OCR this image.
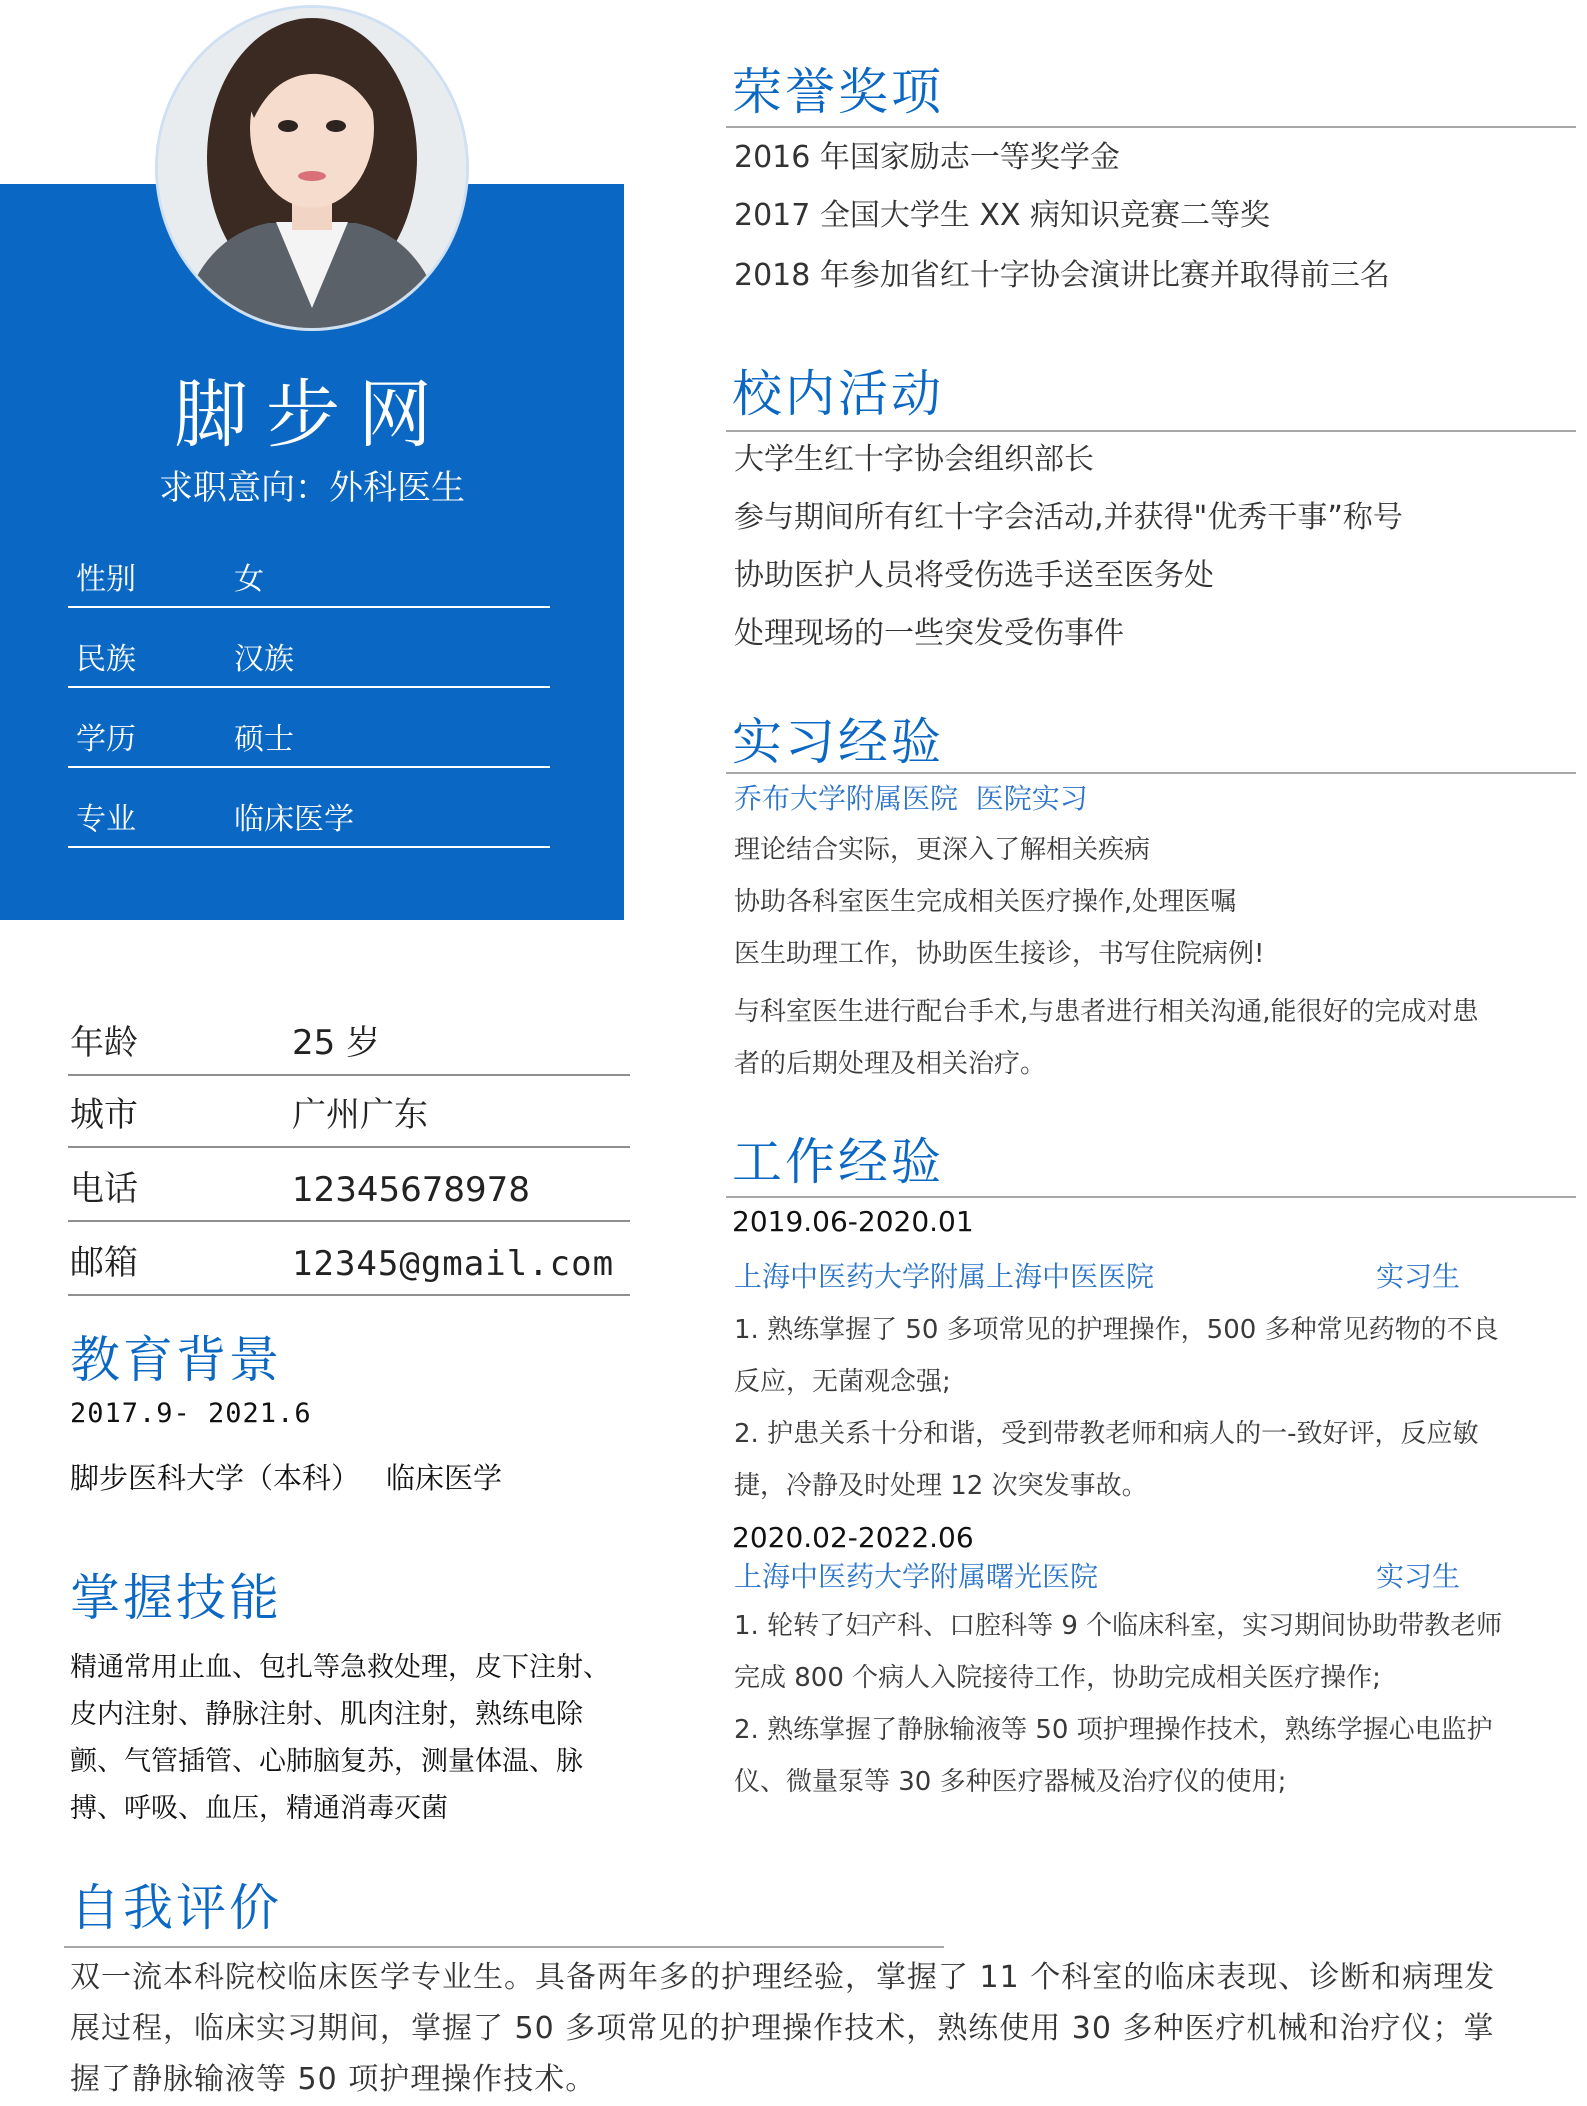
脚步网
求职意向：外科医生
性别	女
民族	汉族
学历	硕士
专业	临床医学
年龄	25 岁
城市	广州广东
电话	12345678978
邮箱	12345@gmail.com
教育背景
2017.9- 2021.6
脚步医科大学（本科） 临床医学
掌握技能
精通常用止血、包扎等急救处理，皮下注射、皮内注射、静脉注射、肌肉注射，熟练电除颤、气管插管、心肺脑复苏，测量体温、脉搏、呼吸、血压，精通消毒灭菌
荣誉奖项
2016 年国家励志一等奖学金
2017 全国大学生 XX 病知识竞赛二等奖
2018 年参加省红十字协会演讲比赛并取得前三名
校内活动
大学生红十字协会组织部长
参与期间所有红十字会活动,并获得"优秀干事”称号
协助医护人员将受伤选手送至医务处
处理现场的一些突发受伤事件
实习经验
乔布大学附属医院  医院实习
理论结合实际，更深入了解相关疾病
协助各科室医生完成相关医疗操作,处理医嘱
医生助理工作，协助医生接诊，书写住院病例!
与科室医生进行配台手术,与患者进行相关沟通,能很好的完成对患者的后期处理及相关治疗。
工作经验
2019.06-2020.01
上海中医药大学附属上海中医医院	实习生
1. 熟练掌握了 50 多项常见的护理操作，500 多种常见药物的不良反应，无菌观念强;
2. 护患关系十分和谐，受到带教老师和病人的一-致好评，反应敏捷，冷静及时处理 12 次突发事故。
2020.02-2022.06
上海中医药大学附属曙光医院	实习生
1. 轮转了妇产科、口腔科等 9 个临床科室，实习期间协助带教老师完成 800 个病人入院接待工作，协助完成相关医疗操作;
2. 熟练掌握了静脉输液等 50 项护理操作技术，熟练学握心电监护仪、微量泵等 30 多种医疗器械及治疗仪的使用;
自我评价
双一流本科院校临床医学专业生。具备两年多的护理经验，掌握了 11 个科室的临床表现、诊断和病理发展过程，临床实习期间，掌握了 50 多项常见的护理操作技术，熟练使用 30 多种医疗机械和治疗仪；掌握了静脉输液等 50 项护理操作技术。
